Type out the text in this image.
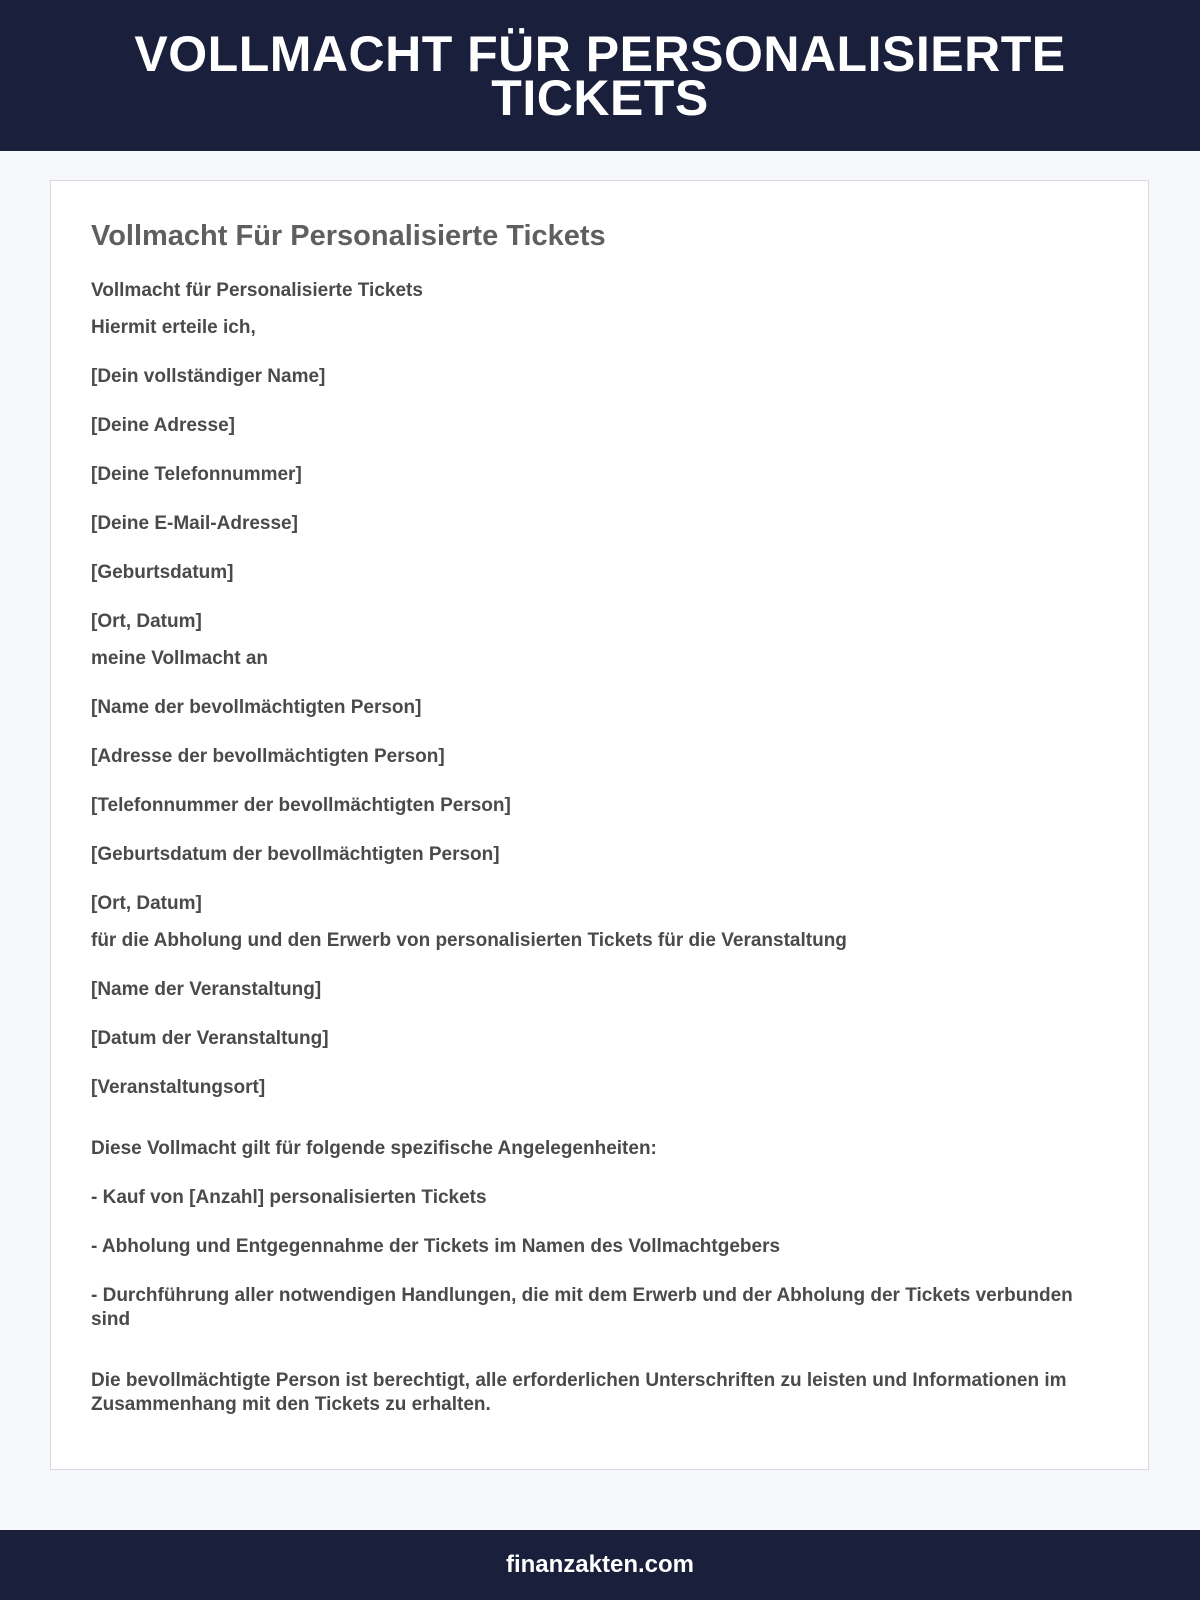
VOLLMACHT FÜR PERSONALISIERTE TICKETS
Vollmacht Für Personalisierte Tickets

Vollmacht für Personalisierte Tickets

Hiermit erteile ich,

[Dein vollständiger Name]

[Deine Adresse]

[Deine Telefonnummer]

[Deine E-Mail-Adresse]

[Geburtsdatum]

[Ort, Datum]

meine Vollmacht an

[Name der bevollmächtigten Person]

[Adresse der bevollmächtigten Person]

[Telefonnummer der bevollmächtigten Person]

[Geburtsdatum der bevollmächtigten Person]

[Ort, Datum]

für die Abholung und den Erwerb von personalisierten Tickets für die Veranstaltung

[Name der Veranstaltung]

[Datum der Veranstaltung]

[Veranstaltungsort]

Diese Vollmacht gilt für folgende spezifische Angelegenheiten:

- Kauf von [Anzahl] personalisierten Tickets

- Abholung und Entgegennahme der Tickets im Namen des Vollmachtgebers

- Durchführung aller notwendigen Handlungen, die mit dem Erwerb und der Abholung der Tickets verbunden sind

Die bevollmächtigte Person ist berechtigt, alle erforderlichen Unterschriften zu leisten und Informationen im Zusammenhang mit den Tickets zu erhalten.

finanzakten.com
